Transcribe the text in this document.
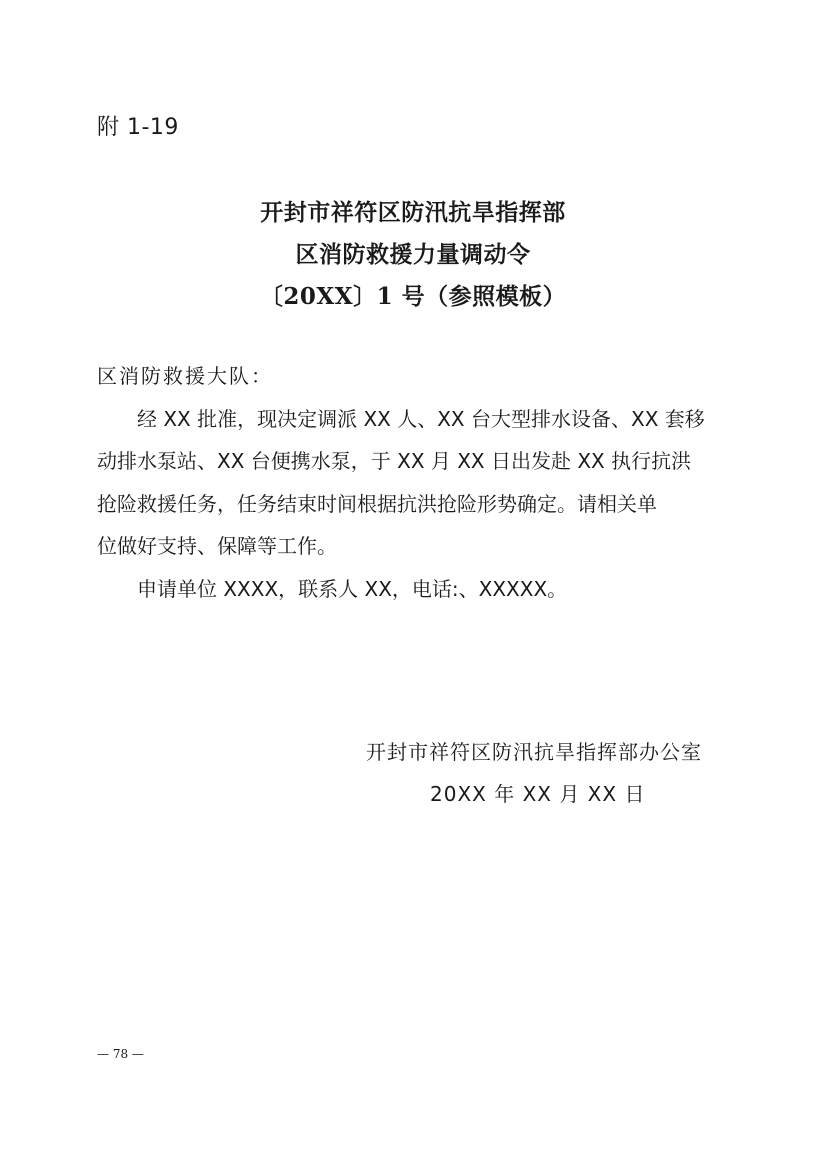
附 1-19
开封市祥符区防汛抗旱指挥部
区消防救援力量调动令
〔20XX〕1 号（参照模板）
区消防救援大队：
　　经 XX 批准，现决定调派 XX 人、XX 台大型排水设备、XX 套移
动排水泵站、XX 台便携水泵，于 XX 月 XX 日出发赴 XX 执行抗洪
抢险救援任务，任务结束时间根据抗洪抢险形势确定。请相关单
位做好支持、保障等工作。
　　申请单位 XXXX，联系人 XX，电话:、XXXXX。
开封市祥符区防汛抗旱指挥部办公室
20XX 年 XX 月 XX 日
— 78 —
